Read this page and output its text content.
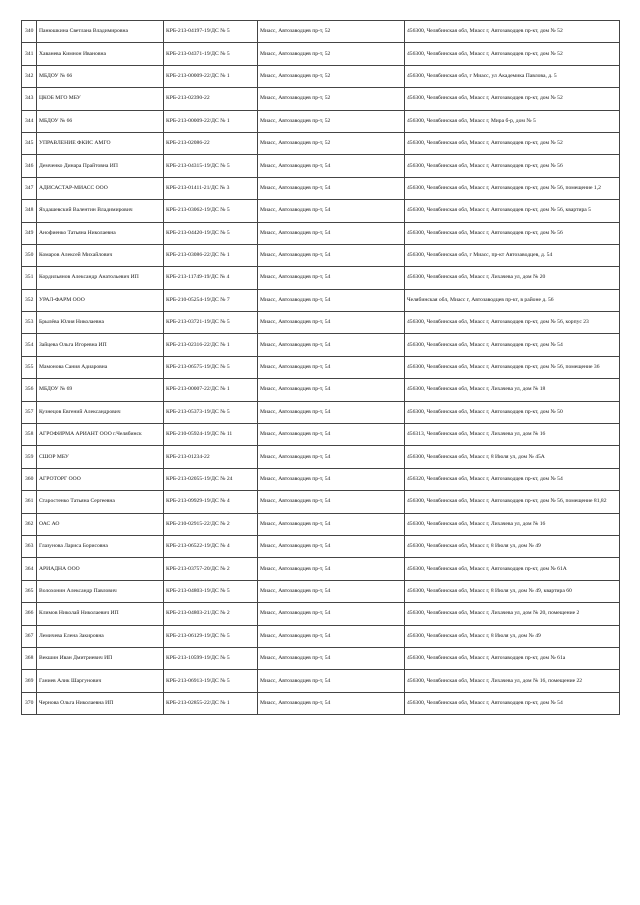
340	Панюшкина Светлана Владимировна	КРБ-213-04197-19/ДС № 5	Миасс, Автозаводцев пр-т, 52	456300, Челябинская обл, Миасс г, Автозаводцев пр-кт, дом № 52
341	Хаванева Кимнон Ивановна	КРБ-213-04371-19/ДС № 5	Миасс, Автозаводцев пр-т, 52	456300, Челябинская обл, Миасс г, Автозаводцев пр-кт, дом № 52
342	МБДОУ № 66	КРБ-213-00009-22/ДС № 1	Миасс, Автозаводцев пр-т, 52	456300, Челябинская обл, г Миасс, ул Академика Павлова, д. 5
343	ЦКОБ МГО МБУ	КРБ-213-02390-22	Миасс, Автозаводцев пр-т, 52	456300, Челябинская обл, Миасс г, Автозаводцев пр-кт, дом № 52
344	МБДОУ № 66	КРБ-213-00009-22/ДС № 1	Миасс, Автозаводцев пр-т, 52	456300, Челябинская обл, Миасс г, Мира б-р, дом № 5
345	УПРАВЛЕНИЕ ФКИС АМГО	КРБ-213-02086-22	Миасс, Автозаводцев пр-т, 52	456300, Челябинская обл, Миасс г, Автозаводцев пр-кт, дом № 52
346	Демченко Динара Прайтовна ИП	КРБ-213-04315-19/ДС № 5	Миасс, Автозаводцев пр-т, 54	456300, Челябинская обл, Миасс г, Автозаводцев пр-кт, дом № 56
347	АДИСАСТАР-МИАСС ООО	КРБ-213-01411-21/ДС № 3	Миасс, Автозаводцев пр-т, 54	456300, Челябинская обл, Миасс г, Автозаводцев пр-кт, дом № 56, помещение 1,2
348	Яхдашевский Валентин Владимирович	КРБ-213-03062-19/ДС № 5	Миасс, Автозаводцев пр-т, 54	456300, Челябинская обл, Миасс г, Автозаводцев пр-кт, дом № 56, квартира 5
349	Анофиенко Татьяна Николаевна	КРБ-213-04420-19/ДС № 5	Миасс, Автозаводцев пр-т, 54	456300, Челябинская обл, Миасс г, Автозаводцев пр-кт, дом № 56
350	Комаров Алексей Михайлович	КРБ-213-03086-22/ДС № 1	Миасс, Автозаводцев пр-т, 54	456300, Челябинская обл, г Миасс, пр-кт Автозаводцев, д. 54
351	Кордильянов Александр Анатольевич ИП	КРБ-213-11749-19/ДС № 4	Миасс, Автозаводцев пр-т, 54	456300, Челябинская обл, Миасс г, Лихачева ул, дом № 20
352	УРАЛ-ФАРМ ООО	КРБ-210-05254-19/ДС № 7	Миасс, Автозаводцев пр-т, 54	Челябинская обл, Миасс г, Автозаводцев пр-кт, в районе д. 56
353	Брылёва Юлия Николаевна	КРБ-213-03721-19/ДС № 5	Миасс, Автозаводцев пр-т, 54	456300, Челябинская обл, Миасс г, Автозаводцев пр-кт, дом № 56, корпус 23
354	Зайцева Ольга Игоревна ИП	КРБ-213-02316-22/ДС № 1	Миасс, Автозаводцев пр-т, 54	456300, Челябинская обл, Миасс г, Автозаводцев пр-кт, дом № 54
355	Мамонова Сания Адиаровна	КРБ-213-06575-19/ДС № 5	Миасс, Автозаводцев пр-т, 54	456300, Челябинская обл, Миасс г, Автозаводцев пр-кт, дом № 56, помещение 36
356	МБДОУ № 69	КРБ-213-00007-22/ДС № 1	Миасс, Автозаводцев пр-т, 54	456300, Челябинская обл, Миасс г, Лихачева ул, дом № 18
357	Кузнецов Евгений Александрович	КРБ-213-05373-19/ДС № 5	Миасс, Автозаводцев пр-т, 54	456300, Челябинская обл, Миасс г, Автозаводцев пр-кт, дом № 50
358	АГРОФИРМА АРИАНТ ООО г.Челябинск	КРБ-210-05924-19/ДС № 11	Миасс, Автозаводцев пр-т, 54	456313, Челябинская обл, Миасс г, Лихачева ул, дом № 16
359	СШОР МБУ	КРБ-213-01234-22	Миасс, Автозаводцев пр-т, 54	456300, Челябинская обл, Миасс г, 8 Июля ул, дом № 45А
360	АГРОТОРГ ООО	КРБ-213-02055-19/ДС № 24	Миасс, Автозаводцев пр-т, 54	456320, Челябинская обл, Миасс г, Автозаводцев пр-кт, дом № 54
361	Старостенко Татьяна Сергеевна	КРБ-213-09929-19/ДС № 4	Миасс, Автозаводцев пр-т, 54	456300, Челябинская обл, Миасс г, Автозаводцев пр-кт, дом № 56, помещение 81,82
362	ОАС АО	КРБ-210-02915-22/ДС № 2	Миасс, Автозаводцев пр-т, 54	456300, Челябинская обл, Миасс г, Лихачева ул, дом № 16
363	Глазунова Лариса Борисовна	КРБ-213-06522-19/ДС № 4	Миасс, Автозаводцев пр-т, 54	456300, Челябинская обл, Миасс г, 8 Июля ул, дом № 49
364	АРИАДНА ООО	КРБ-213-03757-20/ДС № 2	Миасс, Автозаводцев пр-т, 54	456300, Челябинская обл, Миасс г, Автозаводцев пр-кт, дом № 61А
365	Волохонин Александр Павлович	КРБ-213-04803-19/ДС № 5	Миасс, Автозаводцев пр-т, 54	456300, Челябинская обл, Миасс г, 8 Июля ул, дом № 49, квартира 60
366	Климов Николай Николаевич ИП	КРБ-213-04803-21/ДС № 2	Миасс, Автозаводцев пр-т, 54	456300, Челябинская обл, Миасс г, Лихачева ул, дом № 20, помещение 2
367	Лемичева Елена Закировна	КРБ-213-06129-19/ДС № 5	Миасс, Автозаводцев пр-т, 54	456300, Челябинская обл, Миасс г, 8 Июля ул, дом № 49
368	Векшин Иван Дмитриевич ИП	КРБ-213-10599-19/ДС № 5	Миасс, Автозаводцев пр-т, 54	456300, Челябинская обл, Миасс г, Автозаводцев пр-кт, дом № 61а
369	Ганиев Алик Шаргунович	КРБ-213-06913-19/ДС № 5	Миасс, Автозаводцев пр-т, 54	456300, Челябинская обл, Миасс г, Лихачева ул, дом № 16, помещение 22
370	Чернова Ольга Николаевна ИП	КРБ-213-02855-22/ДС № 1	Миасс, Автозаводцев пр-т, 54	456300, Челябинская обл, Миасс г, Автозаводцев пр-кт, дом № 54
